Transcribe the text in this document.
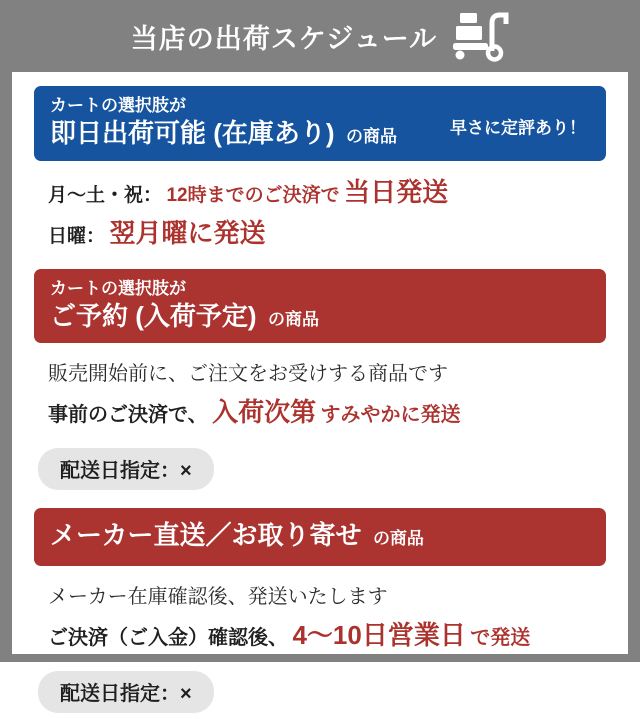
当店の出荷スケジュール
カートの選択肢が
即日出荷可能 (在庫あり) の商品	早さに定評あり！
月〜土・祝： 12時までのご決済で 当日発送
日曜： 翌月曜に発送
カートの選択肢が
ご予約 (入荷予定) の商品
販売開始前に、ご注文をお受けする商品です
事前のご決済で、 入荷次第 すみやかに発送
配送日指定：×
メーカー直送／お取り寄せ の商品
メーカー在庫確認後、発送いたします
ご決済（ご入金）確認後、 4〜10日営業日 で発送
配送日指定：×
